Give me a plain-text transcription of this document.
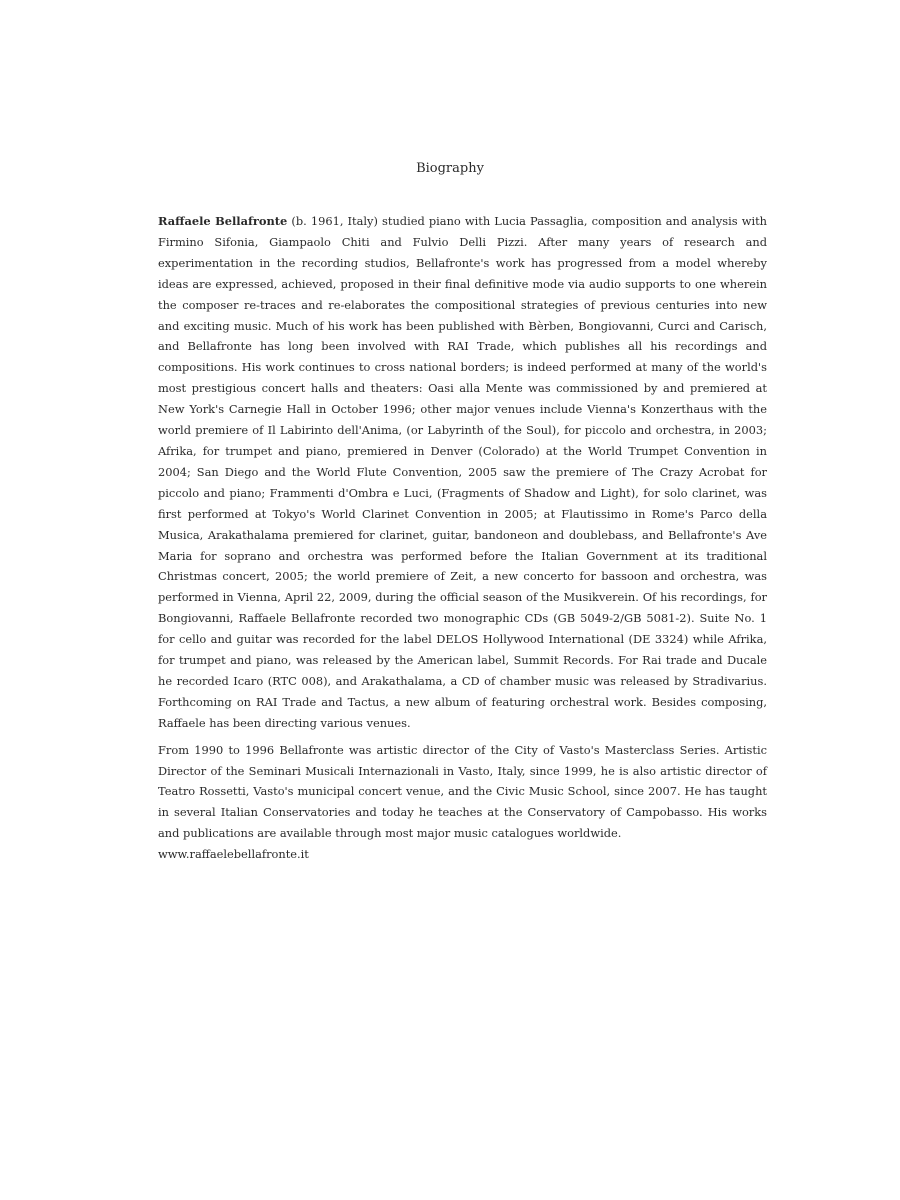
Biography

Raffaele Bellafronte (b. 1961, Italy) studied piano with Lucia Passaglia, composition and analysis with Firmino Sifonia, Giampaolo Chiti and Fulvio Delli Pizzi. After many years of research and experimentation in the recording studios, Bellafronte's work has progressed from a model whereby ideas are expressed, achieved, proposed in their final definitive mode via audio supports to one wherein the composer re-traces and re-elaborates the compositional strategies of previous centuries into new and exciting music. Much of his work has been published with Bèrben, Bongiovanni, Curci and Carisch, and Bellafronte has long been involved with RAI Trade, which publishes all his recordings and compositions. His work continues to cross national borders; is indeed performed at many of the world's most prestigious concert halls and theaters: Oasi alla Mente was commissioned by and premiered at New York's Carnegie Hall in October 1996; other major venues include Vienna's Konzerthaus with the world premiere of Il Labirinto dell'Anima, (or Labyrinth of the Soul), for piccolo and orchestra, in 2003; Afrika, for trumpet and piano, premiered in Denver (Colorado) at the World Trumpet Convention in 2004; San Diego and the World Flute Convention, 2005 saw the premiere of The Crazy Acrobat for piccolo and piano; Frammenti d'Ombra e Luci, (Fragments of Shadow and Light), for solo clarinet, was first performed at Tokyo's World Clarinet Convention in 2005; at Flautissimo in Rome's Parco della Musica, Arakathalama premiered for clarinet, guitar, bandoneon and doublebass, and Bellafronte's Ave Maria for soprano and orchestra was performed before the Italian Government at its traditional Christmas concert, 2005; the world premiere of Zeit, a new concerto for bassoon and orchestra, was performed in Vienna, April 22, 2009, during the official season of the Musikverein. Of his recordings, for Bongiovanni, Raffaele Bellafronte recorded two monographic CDs (GB 5049-2/GB 5081-2). Suite No. 1 for cello and guitar was recorded for the label DELOS Hollywood International (DE 3324) while Afrika, for trumpet and piano, was released by the American label, Summit Records. For Rai trade and Ducale he recorded Icaro (RTC 008), and Arakathalama, a CD of chamber music was released by Stradivarius. Forthcoming on RAI Trade and Tactus, a new album of featuring orchestral work. Besides composing, Raffaele has been directing various venues.

From 1990 to 1996 Bellafronte was artistic director of the City of Vasto's Masterclass Series. Artistic Director of the Seminari Musicali Internazionali in Vasto, Italy, since 1999, he is also artistic director of Teatro Rossetti, Vasto's municipal concert venue, and the Civic Music School, since 2007. He has taught in several Italian Conservatories and today he teaches at the Conservatory of Campobasso. His works and publications are available through most major music catalogues worldwide.

www.raffaelebellafronte.it
